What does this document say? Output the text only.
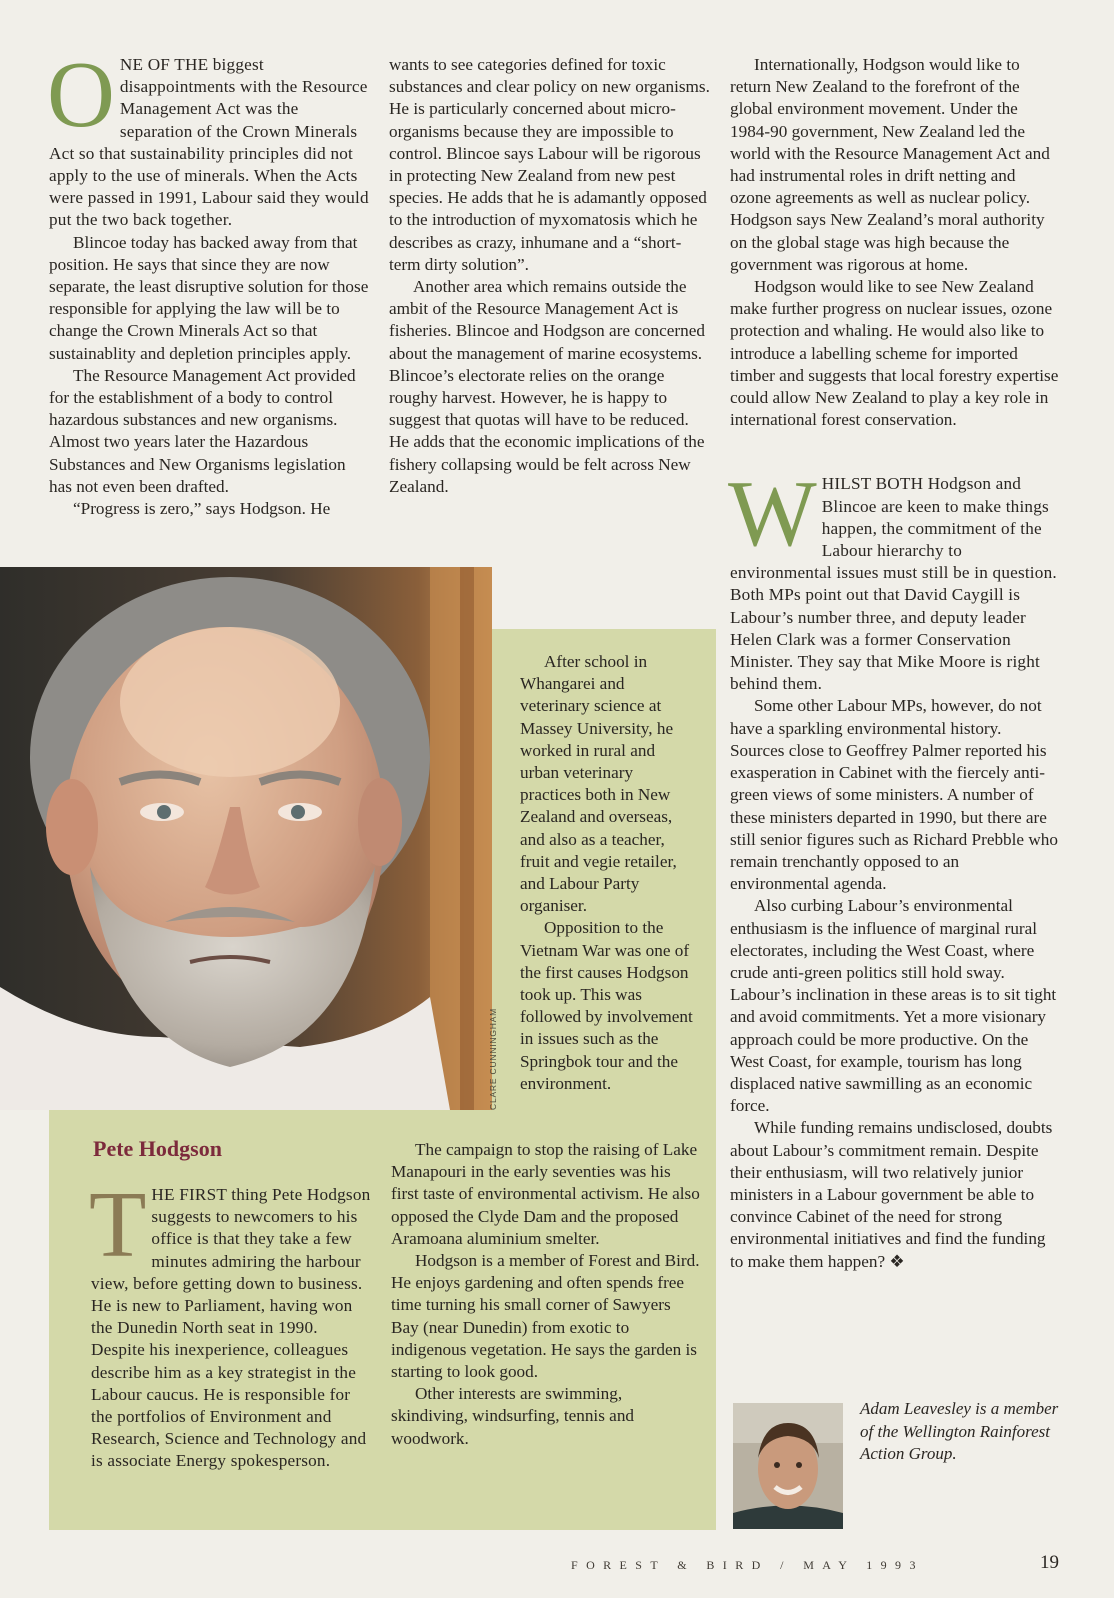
ONE OF THE biggest disappointments with the Resource Management Act was the separation of the Crown Minerals Act so that sustainability principles did not apply to the use of minerals. When the Acts were passed in 1991, Labour said they would put the two back together.

Blincoe today has backed away from that position. He says that since they are now separate, the least disruptive solution for those responsible for applying the law will be to change the Crown Minerals Act so that sustainablity and depletion principles apply.

The Resource Management Act provided for the establishment of a body to control hazardous substances and new organisms. Almost two years later the Hazardous Substances and New Organisms legislation has not even been drafted.

“Progress is zero,” says Hodgson. He

wants to see categories defined for toxic substances and clear policy on new organisms. He is particularly concerned about micro-organisms because they are impossible to control. Blincoe says Labour will be rigorous in protecting New Zealand from new pest species. He adds that he is adamantly opposed to the introduction of myxomatosis which he describes as crazy, inhumane and a “short-term dirty solution”.

Another area which remains outside the ambit of the Resource Management Act is fisheries. Blincoe and Hodgson are concerned about the management of marine ecosystems. Blincoe’s electorate relies on the orange roughy harvest. However, he is happy to suggest that quotas will have to be reduced. He adds that the economic implications of the fishery collapsing would be felt across New Zealand.

Internationally, Hodgson would like to return New Zealand to the forefront of the global environment movement. Under the 1984-90 government, New Zealand led the world with the Resource Management Act and had instrumental roles in drift netting and ozone agreements as well as nuclear policy. Hodgson says New Zealand’s moral authority on the global stage was high because the government was rigorous at home.

Hodgson would like to see New Zealand make further progress on nuclear issues, ozone protection and whaling. He would also like to introduce a labelling scheme for imported timber and suggests that local forestry expertise could allow New Zealand to play a key role in international forest conservation.

WHILST BOTH Hodgson and Blincoe are keen to make things happen, the commitment of the Labour hierarchy to environmental issues must still be in question. Both MPs point out that David Caygill is Labour’s number three, and deputy leader Helen Clark was a former Conservation Minister. They say that Mike Moore is right behind them.

Some other Labour MPs, however, do not have a sparkling environmental history. Sources close to Geoffrey Palmer reported his exasperation in Cabinet with the fiercely anti-green views of some ministers. A number of these ministers departed in 1990, but there are still senior figures such as Richard Prebble who remain trenchantly opposed to an environmental agenda.

Also curbing Labour’s environmental enthusiasm is the influence of marginal rural electorates, including the West Coast, where crude anti-green politics still hold sway. Labour’s inclination in these areas is to sit tight and avoid commitments. Yet a more visionary approach could be more productive. On the West Coast, for example, tourism has long displaced native sawmilling as an economic force.

While funding remains undisclosed, doubts about Labour’s commitment remain. Despite their enthusiasm, will two relatively junior ministers in a Labour government be able to convince Cabinet of the need for strong environmental initiatives and find the funding to make them happen? ❖

CLARE CUNNINGHAM

After school in Whangarei and veterinary science at Massey University, he worked in rural and urban veterinary practices both in New Zealand and overseas, and also as a teacher, fruit and vegie retailer, and Labour Party organiser.

Opposition to the Vietnam War was one of the first causes Hodgson took up. This was followed by involvement in issues such as the Springbok tour and the environment.

Pete Hodgson

THE FIRST thing Pete Hodgson suggests to newcomers to his office is that they take a few minutes admiring the harbour view, before getting down to business. He is new to Parliament, having won the Dunedin North seat in 1990. Despite his inexperience, colleagues describe him as a key strategist in the Labour caucus. He is responsible for the portfolios of Environment and Research, Science and Technology and is associate Energy spokesperson.

The campaign to stop the raising of Lake Manapouri in the early seventies was his first taste of environmental activism. He also opposed the Clyde Dam and the proposed Aramoana aluminium smelter.

Hodgson is a member of Forest and Bird. He enjoys gardening and often spends free time turning his small corner of Sawyers Bay (near Dunedin) from exotic to indigenous vegetation. He says the garden is starting to look good.

Other interests are swimming, skindiving, windsurfing, tennis and woodwork.

Adam Leavesley is a member of the Wellington Rainforest Action Group.
FOREST & BIRD / MAY 1993	19
